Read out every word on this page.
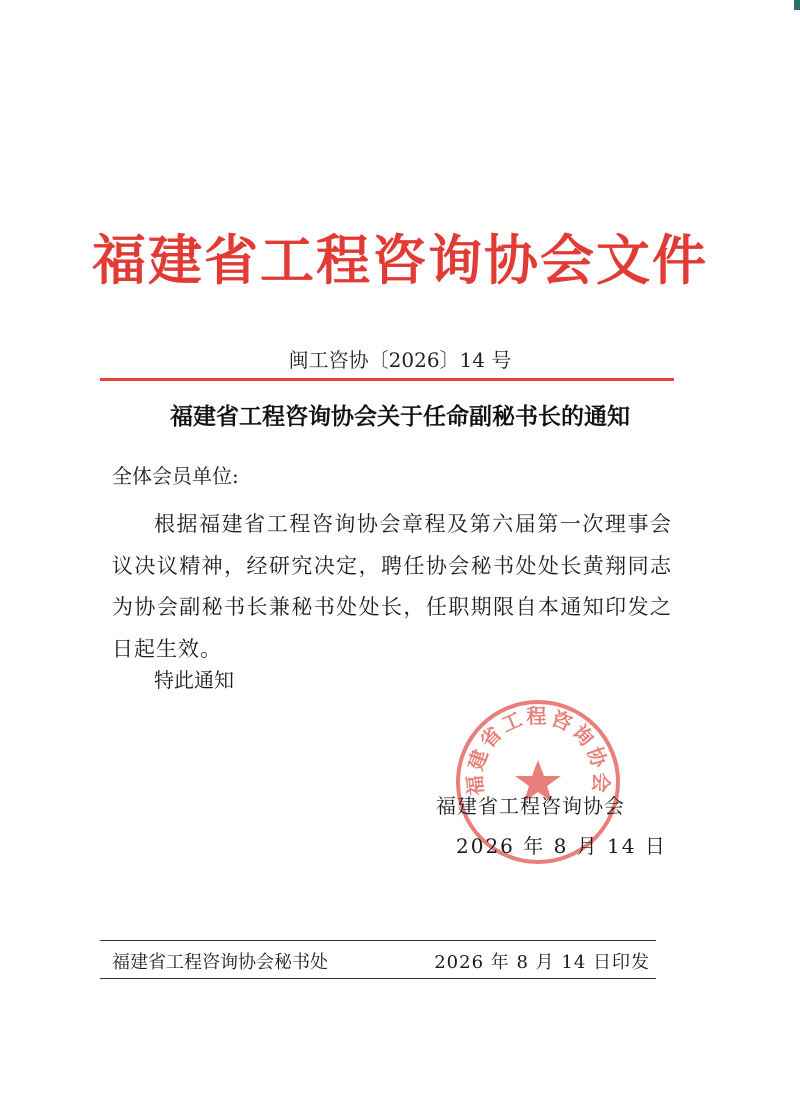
福建省工程咨询协会文件
闽工咨协〔2026〕14 号
福建省工程咨询协会关于任命副秘书长的通知
全体会员单位:
根据福建省工程咨询协会章程及第六届第一次理事会议决议精神，经研究决定，聘任协会秘书处处长黄翔同志为协会副秘书长兼秘书处处长，任职期限自本通知印发之日起生效。
特此通知
福建省工程咨询协会
福建省工程咨询协会
2026 年 8 月 14 日
福建省工程咨询协会秘书处	2026 年 8 月 14 日印发
